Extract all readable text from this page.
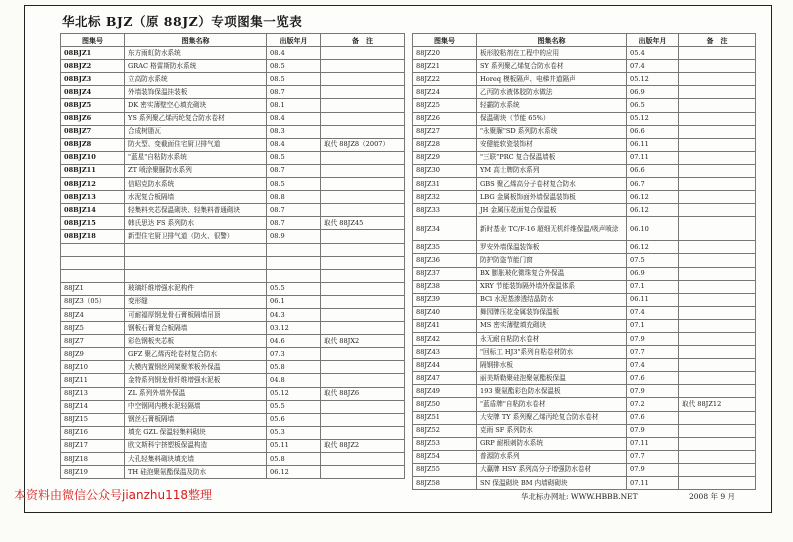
华北标 BJZ（原 88JZ）专项图集一览表
图集号	图集名称	出版年月	备　注
08BJZ1	东方雨虹防水系统	08.4	
08BJZ2	GRAC 格雷斯防水系统	08.5	
08BJZ3	立高防水系统	08.5	
08BJZ4	外墙装饰保温挂装板	08.7	
08BJZ5	DK 密实薄壁空心填充砌块	08.1	
08BJZ6	YS 系列聚乙烯丙纶复合防水卷材	08.4	
08BJZ7	合成树脂瓦	08.3	
08BJZ8	防火型、变截面住宅厨卫排气道	08.4	取代 88JZ8（2007）
08BJZ10	"蓝星"自粘防水系统	08.5	
08BJZ11	ZT 喷涂聚脲防水系列	08.7	
08BJZ12	信昭克防水系统	08.5	
08BJZ13	水泥复合板隔墙	08.8	
08BJZ14	轻集料夹芯保温砌块、轻集料普通砌块	08.7	
08BJZ15	韩氏思达 FS 系列防水	08.7	取代 88JZ45
08BJZ18	新型住宅厨卫排气道（防火、很警）	08.9	

88JZ1	玻璃纤维增强水泥构件	05.5	
88JZ3（05）	变形缝	06.1	
88JZ4	可耐福厚钢龙骨石膏板隔墙吊顶	04.3	
88JZ5	钢板石膏复合板隔墙	03.12	
88JZ7	彩色钢板夹芯板	04.6	取代 88JX2
88JZ9	GFZ 聚乙烯丙纶卷材复合防水	07.3	
88JZ10	大模内置钢丝网架聚苯板外保温	05.8	
88JZ11	金特系列钢龙骨纤维增强水泥板	04.8	
88JZ13	ZL 系列外墙外保温	05.12	取代 88JZ6
88JZ14	中空钢网内模水泥轻隔墙	05.5	
88JZ15	钢丝石膏板隔墙	05.6	
88JZ16	填充 GZL 保温轻集料砌块	05.3	
88JZ17	欧文斯科宁挤塑板保温构造	05.11	取代 88JZ2
88JZ18	大孔轻集料砌块填充墙	05.8	
88JZ19	TH 硅泡聚氨酯保温及防水	06.12	
图集号	图集名称	出版年月	备　注
88JZ20	板形胶粘剂在工程中的应用	05.4	
88JZ21	SY 系列聚乙烯复合防水卷材	07.4	
88JZ22	Horeq 模板隔声、电梯井道隔声	05.12	
88JZ24	乙丙防水液体胶防水做法	06.9	
88JZ25	轻霸防水系统	06.5	
88JZ26	保温砌块（节能 65%）	05.12	
88JZ27	"永聚脲"SD 系列防水系统	06.6	
88JZ28	安健能软瓷装饰材	06.11	
88JZ29	"三联"PRC 复合保温墙板	07.11	
88JZ30	YM 高士牌防水系列	06.6	
88JZ31	GBS 聚乙烯高分子卷材复合防水	06.7	
88JZ32	LBG 金属板饰面外墙保温装饰板	06.12	
88JZ33	JH 金属压花面复合保温板	06.12	
88JZ34	新时基业 TC/F-16 超细无机纤维保温/吸声喷涂	06.10	
88JZ35	罗安外墙保温装饰板	06.12	
88JZ36	防护防盗节能门窗	07.5	
88JZ37	BX 膨胀玻化微珠复合外保温	06.9	
88JZ38	XRY 节能装饰隔外墙外保温体系	07.1	
88JZ39	BCl 水泥基渗透结晶防水	06.11	
88JZ40	舞园牌压花金属装饰保温板	07.4	
88JZ41	MS 密实薄壁填充砌块	07.1	
88JZ42	永无耐自粘防水卷材	07.9	
88JZ43	"回标工 HJ3"系列自粘卷材防水	07.7	
88JZ44	隔钢排水板	07.4	
88JZ47	丽美斯勒聚硅泡聚氨酯板保温	07.6	
88JZ49	193 聚氨酯彩色防水保温板	07.9	
88JZ50	"蓝盾牌"自粘防水卷材	07.2	取代 88JZ12
88JZ51	大安牌 TY 系列聚乙烯丙纶复合防水卷材	07.6	
88JZ52	克雨 SF 系列防水	07.9	
88JZ53	GRP 耐根刺防水系统	07.11	
88JZ54	普源防水系列	07.7	
88JZ55	大赢牌 HSY 系列高分子增强防水卷材	07.9	
88JZ58	SN 保温砌块 BM 内墙砌砌块	07.11	
华北标办网址: WWW.HBBB.NET	2008 年 9 月
本资料由微信公众号jianzhu118整理
